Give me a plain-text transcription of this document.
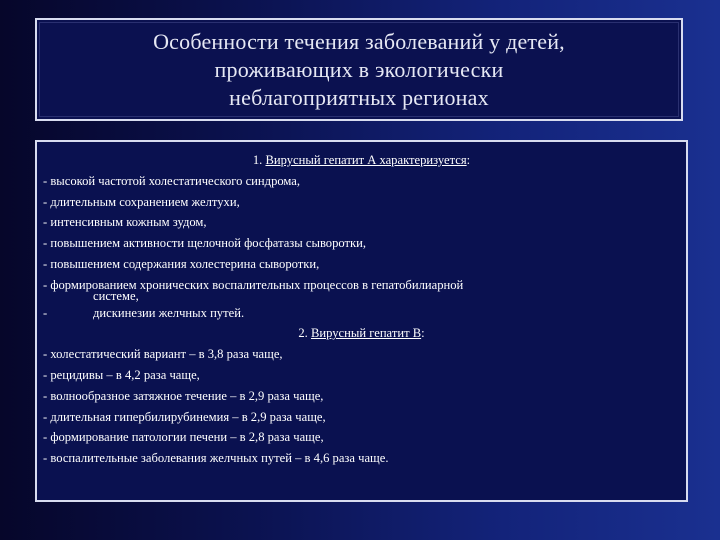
Особенности течения заболеваний у детей,
проживающих в экологически
неблагоприятных регионах
1. Вирусный гепатит А характеризуется:
- высокой частотой холестатического синдрома,
- длительным сохранением желтухи,
- интенсивным кожным зудом,
- повышением активности щелочной фосфатазы сыворотки,
- повышением содержания холестерина сыворотки,
- формированием хронических воспалительных процессов в гепатобилиарной
системе,
-	дискинезии желчных путей.
2. Вирусный гепатит В:
- холестатический вариант – в 3,8 раза чаще,
- рецидивы – в 4,2 раза чаще,
- волнообразное затяжное течение – в 2,9 раза чаще,
- длительная гипербилирубинемия – в 2,9 раза чаще,
- формирование патологии печени – в 2,8 раза чаще,
- воспалительные заболевания желчных путей – в 4,6 раза чаще.
